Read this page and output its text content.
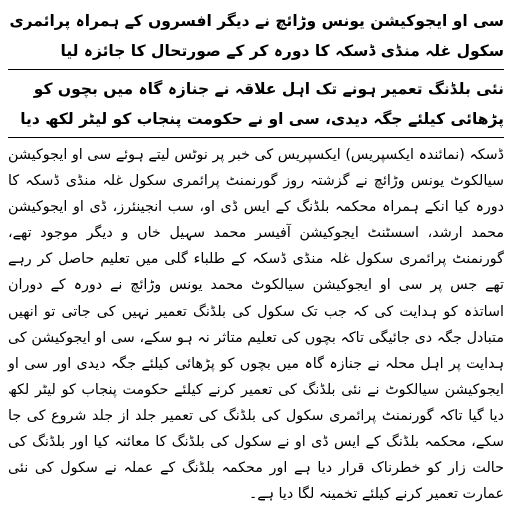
سی او ایجوکیشن یونس وڑائچ نے دیگر افسروں کے ہمراہ پرائمری سکول غلہ منڈی ڈسکہ کا دورہ کر کے صورتحال کا جائزہ لیا

نئی بلڈنگ تعمیر ہونے تک اہل علاقہ نے جنازہ گاہ میں بچوں کو پڑھائی کیلئے جگہ دیدی، سی او نے حکومت پنجاب کو لیٹر لکھ دیا

ڈسکہ (نمائندہ ایکسپریس) ایکسپریس کی خبر پر نوٹس لیتے ہوئے سی او ایجوکیشن سیالکوٹ یونس وڑائچ نے گزشتہ روز گورنمنٹ پرائمری سکول غلہ منڈی ڈسکہ کا دورہ کیا انکے ہمراہ محکمہ بلڈنگ کے ایس ڈی او، سب انجینئرز، ڈی او ایجوکیشن محمد ارشد، اسسٹنٹ ایجوکیشن آفیسر محمد سہیل خاں و دیگر موجود تھے، گورنمنٹ پرائمری سکول غلہ منڈی ڈسکہ کے طلباء گلی میں تعلیم حاصل کر رہے تھے جس پر سی او ایجوکیشن سیالکوٹ محمد یونس وڑائچ نے دورہ کے دوران اساتذہ کو ہدایت کی کہ جب تک سکول کی بلڈنگ تعمیر نہیں کی جاتی تو انھیں متبادل جگہ دی جائیگی تاکہ بچوں کی تعلیم متاثر نہ ہو سکے، سی او ایجوکیشن کی ہدایت پر اہل محلہ نے جنازہ گاہ میں بچوں کو پڑھائی کیلئے جگہ دیدی اور سی او ایجوکیشن سیالکوٹ نے نئی بلڈنگ کی تعمیر کرنے کیلئے حکومت پنجاب کو لیٹر لکھ دیا گیا تاکہ گورنمنٹ پرائمری سکول کی بلڈنگ کی تعمیر جلد از جلد شروع کی جا سکے، محکمہ بلڈنگ کے ایس ڈی او نے سکول کی بلڈنگ کا معائنہ کیا اور بلڈنگ کی حالت زار کو خطرناک قرار دیا ہے اور محکمہ بلڈنگ کے عملہ نے سکول کی نئی عمارت تعمیر کرنے کیلئے تخمینہ لگا دیا ہے۔
